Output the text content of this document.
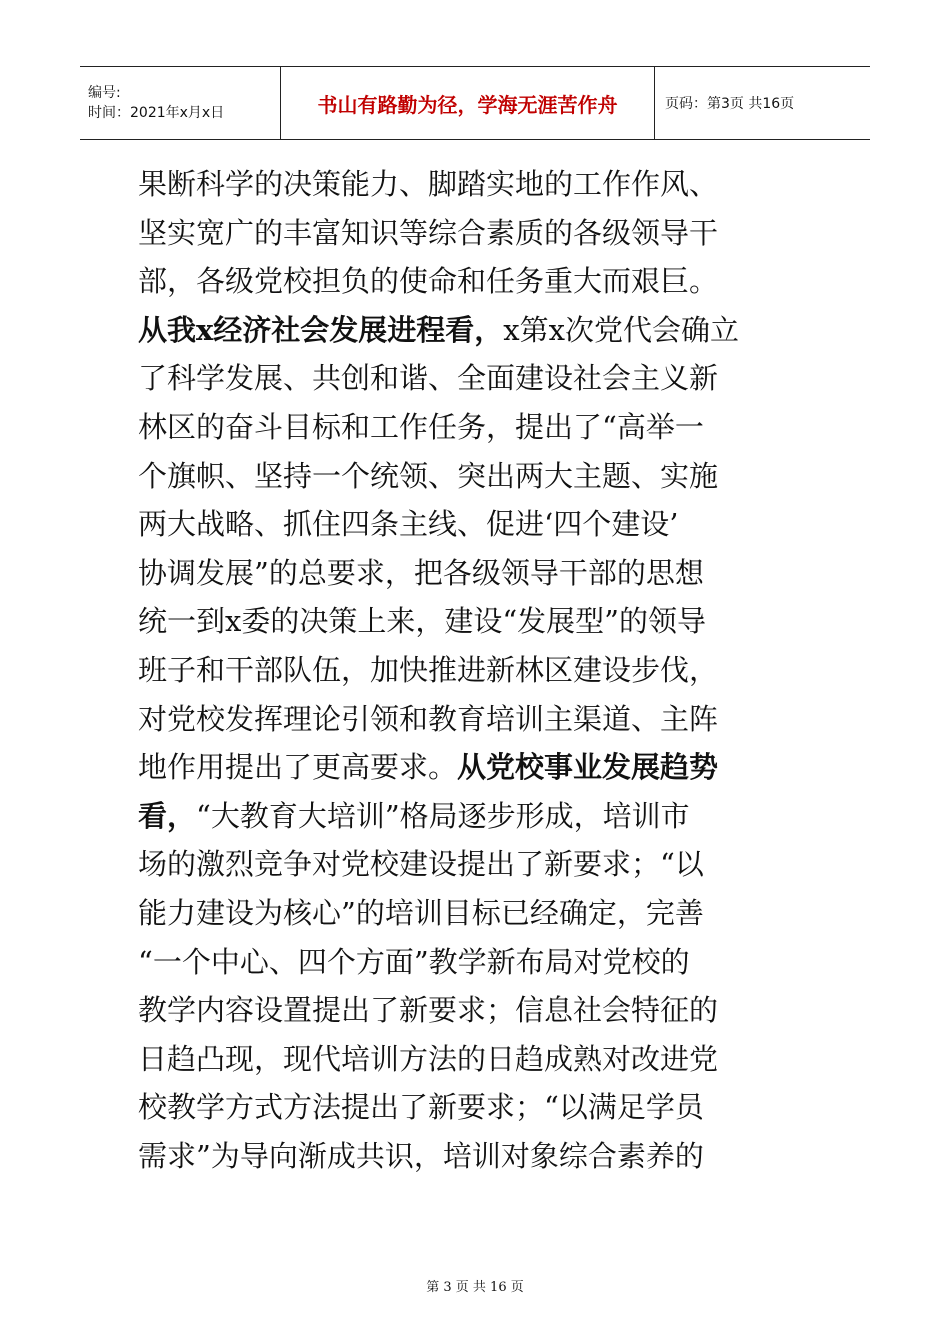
编号:
时间：2021年x月x日	书山有路勤为径，学海无涯苦作舟	页码：第3页 共16页
果断科学的决策能力、脚踏实地的工作作风、
坚实宽广的丰富知识等综合素质的各级领导干
部，各级党校担负的使命和任务重大而艰巨。
从我x经济社会发展进程看，x第x次党代会确立
了科学发展、共创和谐、全面建设社会主义新
林区的奋斗目标和工作任务，提出了“高举一
个旗帜、坚持一个统领、突出两大主题、实施
两大战略、抓住四条主线、促进‘四个建设’
协调发展”的总要求，把各级领导干部的思想
统一到x委的决策上来，建设“发展型”的领导
班子和干部队伍，加快推进新林区建设步伐，
对党校发挥理论引领和教育培训主渠道、主阵
地作用提出了更高要求。从党校事业发展趋势
看，“大教育大培训”格局逐步形成，培训市
场的激烈竞争对党校建设提出了新要求；“以
能力建设为核心”的培训目标已经确定，完善
“一个中心、四个方面”教学新布局对党校的
教学内容设置提出了新要求；信息社会特征的
日趋凸现，现代培训方法的日趋成熟对改进党
校教学方式方法提出了新要求；“以满足学员
需求”为导向渐成共识，培训对象综合素养的
第 3 页 共 16 页
